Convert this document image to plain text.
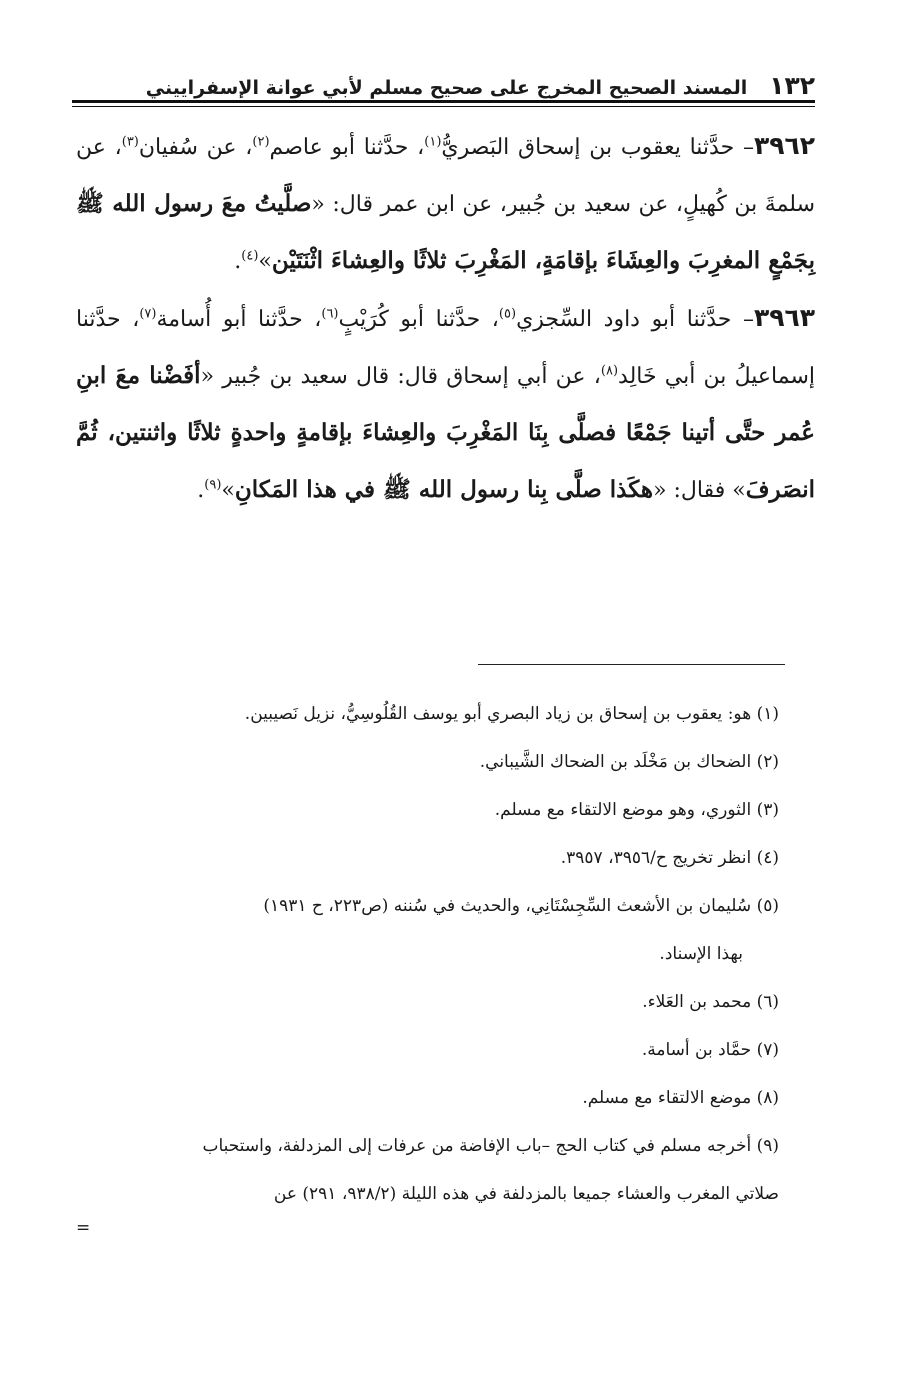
١٣٢
المسند الصحيح المخرج على صحيح مسلم لأبي عوانة الإسفراييني

٣٩٦٢– حدَّثنا يعقوب بن إسحاق البَصريُّ$^{(١)}$، حدَّثنا أبو عاصم$^{(٢)}$، عن سُفيان$^{(٣)}$، عن سلمةَ بن كُهيلٍ، عن سعيد بن جُبير، عن ابن عمر قال: «صلَّيتُ معَ رسول الله ﷺ بِجَمْعٍ المغرِبَ والعِشَاءَ بإقامَةٍ، المَغْرِبَ ثلاثًا والعِشاءَ اثْنَتَيْن»$^{(٤)}$.

٣٩٦٣– حدَّثنا أبو داود السِّجزي$^{(٥)}$، حدَّثنا أبو كُرَيْبٍ$^{(٦)}$، حدَّثنا أبو أُسامة$^{(٧)}$، حدَّثنا إسماعيلُ بن أبي خَالِد$^{(٨)}$، عن أبي إسحاق قال: قال سعيد بن جُبير «أفَضْنا معَ ابنِ عُمر حتَّى أتينا جَمْعًا فصلَّى بِنَا المَغْرِبَ والعِشاءَ بإقامةٍ واحدةٍ ثلاثًا واثنتين، ثُمَّ انصَرفَ» فقال: «هكَذا صلَّى بِنا رسول الله ﷺ في هذا المَكانِ»$^{(٩)}$.

(١) هو: يعقوب بن إسحاق بن زياد البصري أبو يوسف القُلُوسِيُّ، نزيل نَصيبين.

(٢) الضحاك بن مَخْلَد بن الضحاك الشَّيباني.

(٣) الثوري، وهو موضع الالتقاء مع مسلم.

(٤) انظر تخريج ح/٣٩٥٦، ٣٩٥٧.

(٥) سُليمان بن الأشعث السِّجِسْتَانِي، والحديث في سُننه (ص٢٢٣، ح ١٩٣١)

بهذا الإسناد.

(٦) محمد بن العَلاء.

(٧) حمَّاد بن أسامة.

(٨) موضع الالتقاء مع مسلم.

(٩) أخرجه مسلم في كتاب الحج –باب الإفاضة من عرفات إلى المزدلفة، واستحباب

صلاتي المغرب والعشاء جميعا بالمزدلفة في هذه الليلة (٩٣٨/٢، ٢٩١) عن

=
